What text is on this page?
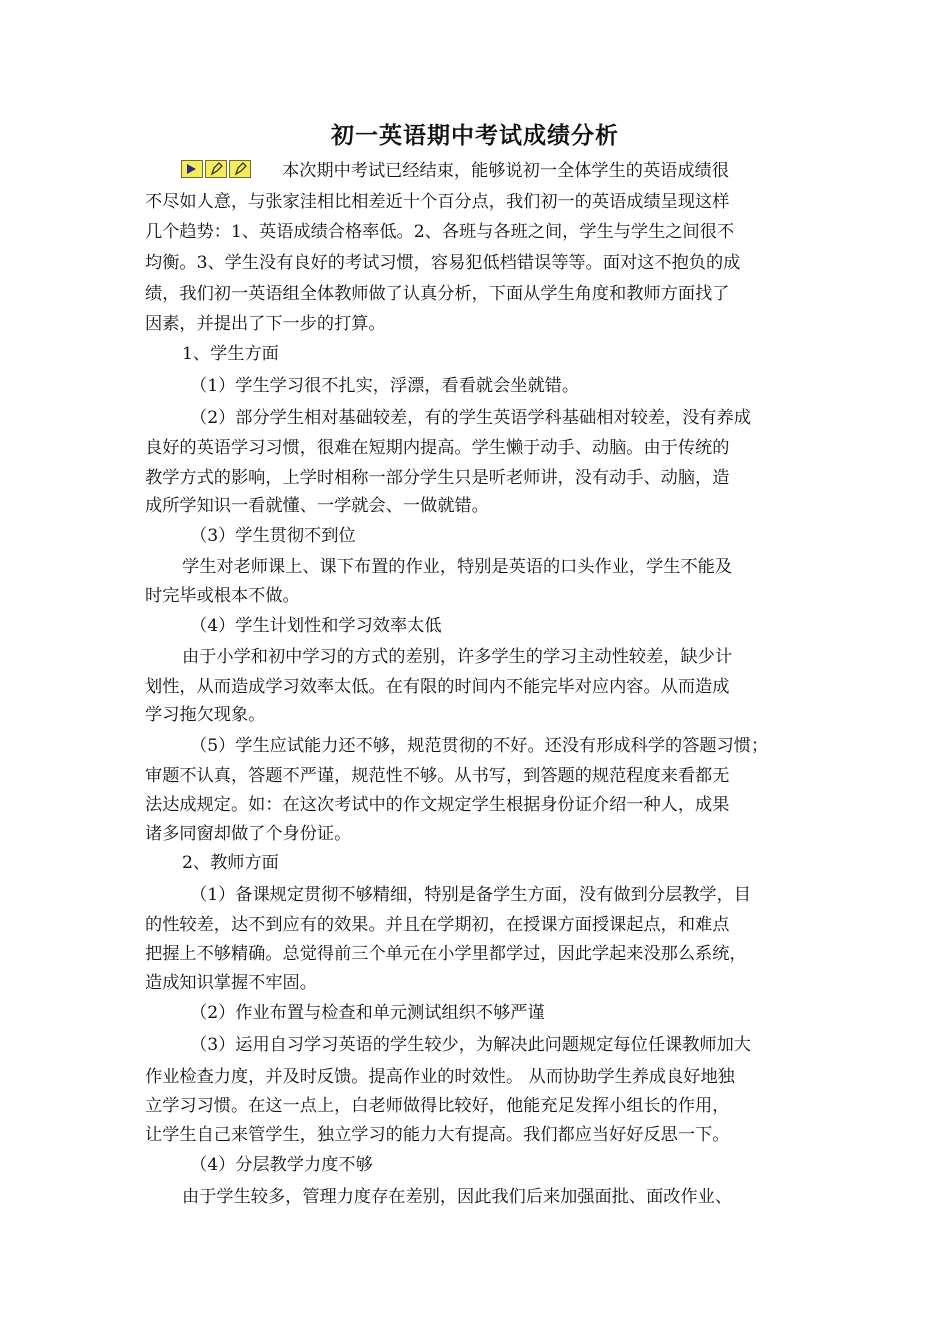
初一英语期中考试成绩分析
本次期中考试已经结束，能够说初一全体学生的英语成绩很
不尽如人意，与张家洼相比相差近十个百分点，我们初一的英语成绩呈现这样
几个趋势：1、英语成绩合格率低。2、各班与各班之间，学生与学生之间很不
均衡。3、学生没有良好的考试习惯，容易犯低档错误等等。面对这不抱负的成
绩，我们初一英语组全体教师做了认真分析，下面从学生角度和教师方面找了
因素，并提出了下一步的打算。
1、学生方面
（1）学生学习很不扎实，浮漂，看看就会坐就错。
（2）部分学生相对基础较差，有的学生英语学科基础相对较差，没有养成
良好的英语学习习惯，很难在短期内提高。学生懒于动手、动脑。由于传统的
教学方式的影响，上学时相称一部分学生只是听老师讲，没有动手、动脑，造
成所学知识一看就懂、一学就会、一做就错。
（3）学生贯彻不到位
学生对老师课上、课下布置的作业，特别是英语的口头作业，学生不能及
时完毕或根本不做。
（4）学生计划性和学习效率太低
由于小学和初中学习的方式的差别，许多学生的学习主动性较差，缺少计
划性，从而造成学习效率太低。在有限的时间内不能完毕对应内容。从而造成
学习拖欠现象。
（5）学生应试能力还不够，规范贯彻的不好。还没有形成科学的答题习惯；
审题不认真，答题不严谨，规范性不够。从书写，到答题的规范程度来看都无
法达成规定。如：在这次考试中的作文规定学生根据身份证介绍一种人，成果
诸多同窗却做了个身份证。
2、教师方面
（1）备课规定贯彻不够精细，特别是备学生方面，没有做到分层教学，目
的性较差，达不到应有的效果。并且在学期初，在授课方面授课起点，和难点
把握上不够精确。总觉得前三个单元在小学里都学过，因此学起来没那么系统，
造成知识掌握不牢固。
（2）作业布置与检查和单元测试组织不够严谨
（3）运用自习学习英语的学生较少，为解决此问题规定每位任课教师加大
作业检查力度，并及时反馈。提高作业的时效性。 从而协助学生养成良好地独
立学习习惯。在这一点上，白老师做得比较好，他能充足发挥小组长的作用，
让学生自己来管学生，独立学习的能力大有提高。我们都应当好好反思一下。
（4）分层教学力度不够
由于学生较多，管理力度存在差别，因此我们后来加强面批、面改作业、
